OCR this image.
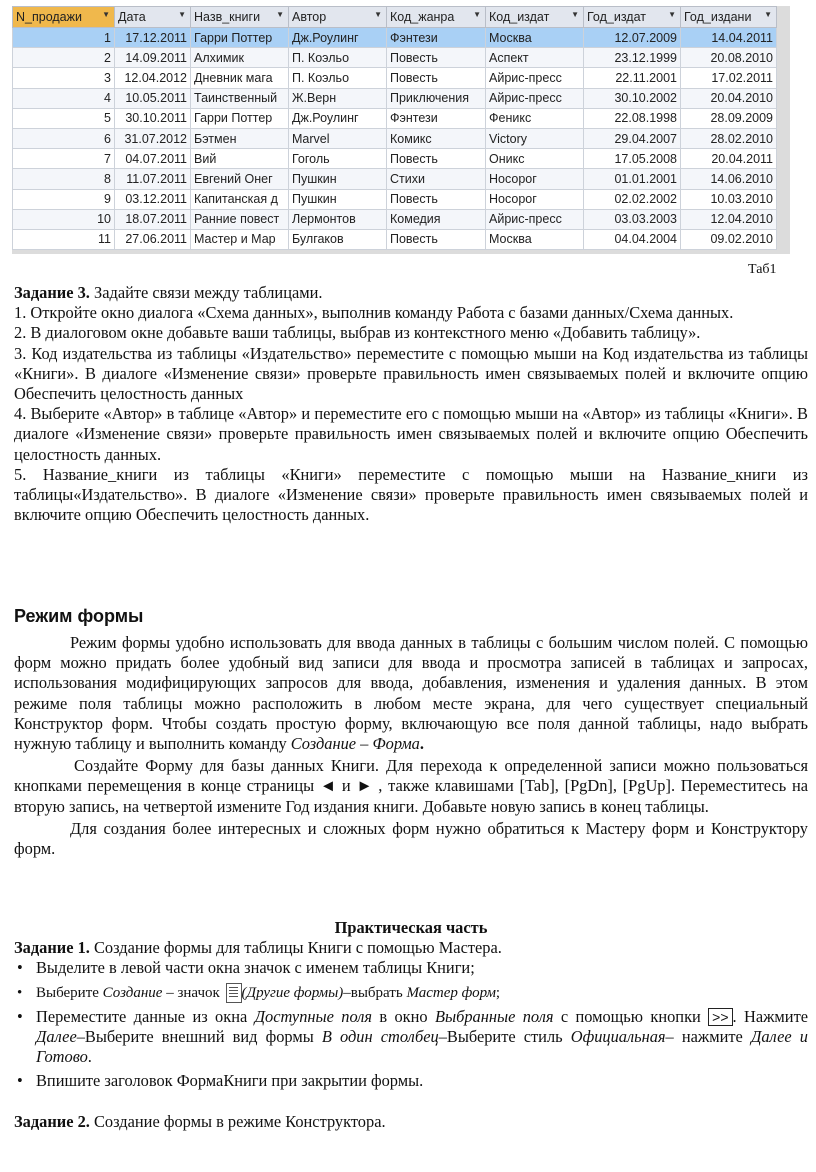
N_продажи ▼	Дата ▼	Назв_книги ▼	Автор ▼	Код_жанра ▼	Код_издат ▼	Год_издат ▼	Год_издани ▼

1	17.12.2011	Гарри Поттер	Дж.Роулинг	Фэнтези	Москва	12.07.2009	14.04.2011
2	14.09.2011	Алхимик	П. Коэльо	Повесть	Аспект	23.12.1999	20.08.2010
3	12.04.2012	Дневник мага	П. Коэльо	Повесть	Айрис-пресс	22.11.2001	17.02.2011
4	10.05.2011	Таинственный	Ж.Верн	Приключения	Айрис-пресс	30.10.2002	20.04.2010
5	30.10.2011	Гарри Поттер	Дж.Роулинг	Фэнтези	Феникс	22.08.1998	28.09.2009
6	31.07.2012	Бэтмен	Marvel	Комикс	Victory	29.04.2007	28.02.2010
7	04.07.2011	Вий	Гоголь	Повесть	Оникс	17.05.2008	20.04.2011
8	11.07.2011	Евгений Онег	Пушкин	Стихи	Носорог	01.01.2001	14.06.2010
9	03.12.2011	Капитанская д	Пушкин	Повесть	Носорог	02.02.2002	10.03.2010
10	18.07.2011	Ранние повест	Лермонтов	Комедия	Айрис-пресс	03.03.2003	12.04.2010
11	27.06.2011	Мастер и Мар	Булгаков	Повесть	Москва	04.04.2004	09.02.2010
Таб1

Задание 3. Задайте связи между таблицами.

1. Откройте окно диалога «Схема данных», выполнив команду Работа с базами данных/Схема данных.

2. В диалоговом окне добавьте ваши таблицы, выбрав из контекстного меню «Добавить таблицу».

3. Код издательства из таблицы «Издательство» переместите с помощью мыши на Код издательства из таблицы «Книги». В диалоге «Изменение связи» проверьте правильность имен связываемых полей и включите опцию Обеспечить целостность данных

4. Выберите «Автор» в таблице «Автор» и переместите его с помощью мыши на «Автор» из таблицы «Книги». В диалоге «Изменение связи» проверьте правильность имен связываемых полей и включите опцию Обеспечить целостность данных.

5. Название_книги из таблицы «Книги» переместите с помощью мыши на Название_книги из таблицы«Издательство». В диалоге «Изменение связи» проверьте правильность имен связываемых полей и включите опцию Обеспечить целостность данных.

Режим формы

Режим формы удобно использовать для ввода данных в таблицы с большим числом полей. С помощью форм можно придать более удобный вид записи для ввода и просмотра записей в таблицах и запросах, использования модифицирующих запросов для ввода, добавления, изменения и удаления данных. В этом режиме поля таблицы можно расположить в любом месте экрана, для чего существует специальный Конструктор форм. Чтобы создать простую форму, включающую все поля данной таблицы, надо выбрать нужную таблицу и выполнить команду Создание – Форма.

Создайте Форму для базы данных Книги. Для перехода к определенной записи можно пользоваться кнопками перемещения в конце страницы ◄ и ► , также клавишами [Tab], [PgDn], [PgUp]. Переместитесь на вторую запись, на четвертой измените Год издания книги. Добавьте новую запись в конец таблицы.

Для создания более интересных и сложных форм нужно обратиться к Мастеру форм и Конструктору форм.

Практическая часть

Задание 1. Создание формы для таблицы Книги с помощью Мастера.

• Выделите в левой части окна значок с именем таблицы Книги;
• Выберите Создание – значок (Другие формы)–выбрать Мастер форм;
• Переместите данные из окна Доступные поля в окно Выбранные поля с помощью кнопки >> . Нажмите Далее–Выберите внешний вид формы В один столбец–Выберите стиль Официальная– нажмите Далее и Готово.
• Впишите заголовок ФормаКниги при закрытии формы.

Задание 2. Создание формы в режиме Конструктора.
